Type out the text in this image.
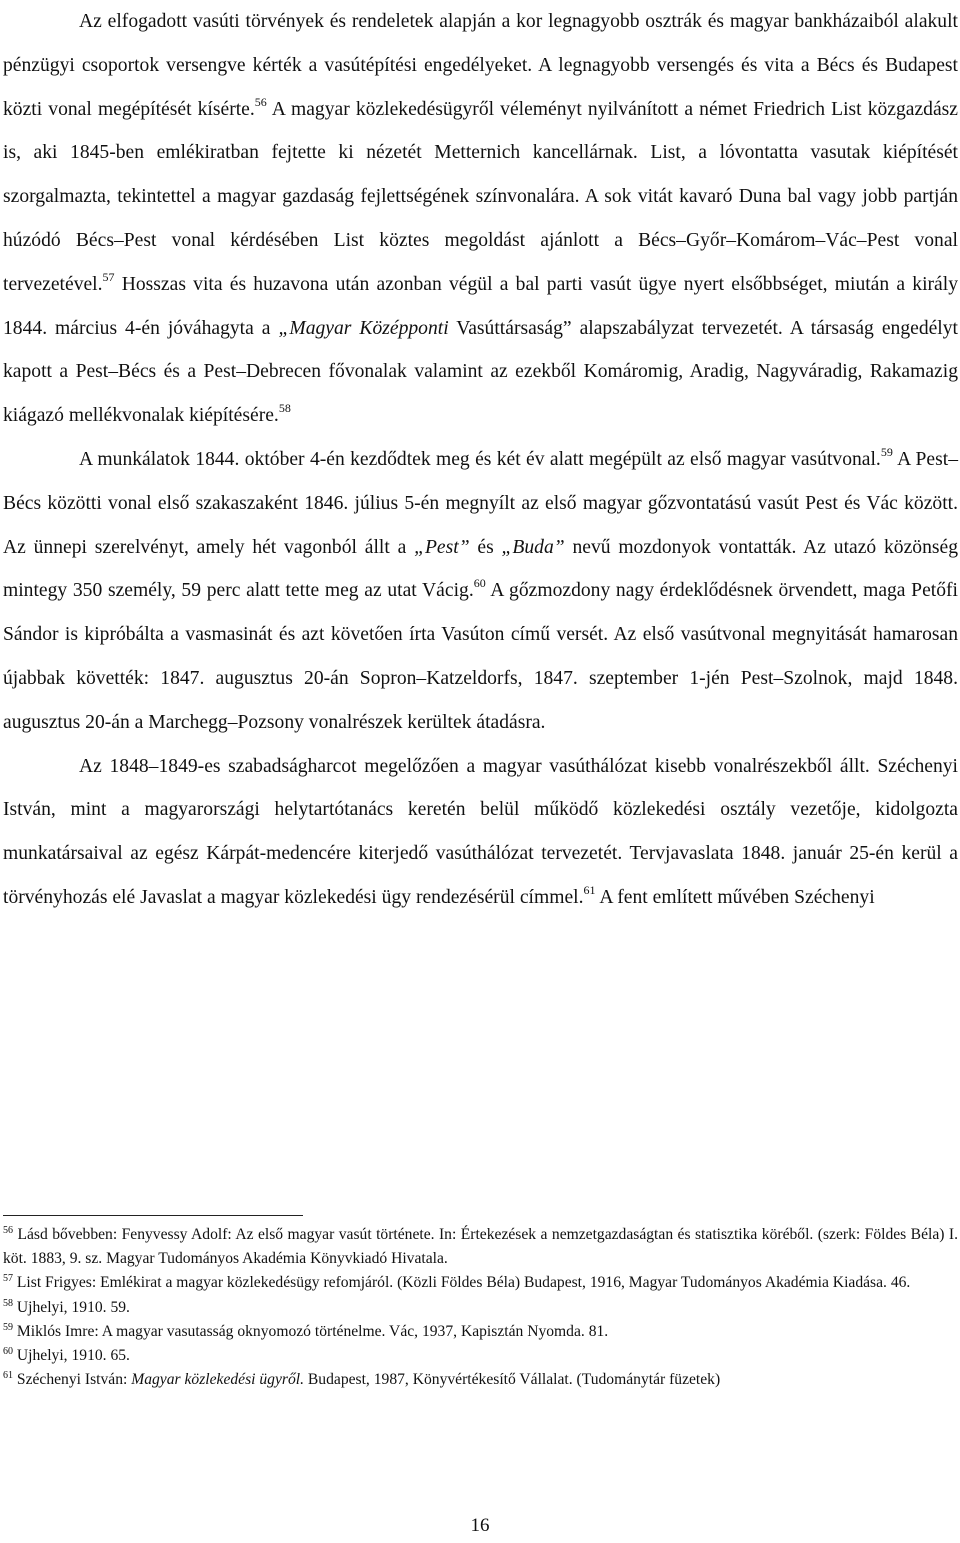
Az elfogadott vasúti törvények és rendeletek alapján a kor legnagyobb osztrák és magyar bankházaiból alakult pénzügyi csoportok versengve kérték a vasútépítési engedélyeket. A legnagyobb versengés és vita a Bécs és Budapest közti vonal megépítését kísérte.$^{56}$ A magyar közlekedésügyről véleményt nyilvánított a német Friedrich List közgazdász is, aki 1845-ben emlékiratban fejtette ki nézetét Metternich kancellárnak. List, a lóvontatta vasutak kiépítését szorgalmazta, tekintettel a magyar gazdaság fejlettségének színvonalára. A sok vitát kavaró Duna bal vagy jobb partján húzódó Bécs–Pest vonal kérdésében List köztes megoldást ajánlott a Bécs–Győr–Komárom–Vác–Pest vonal tervezetével.$^{57}$ Hosszas vita és huzavona után azonban végül a bal parti vasút ügye nyert elsőbbséget, miután a király 1844. március 4-én jóváhagyta a „Magyar Középponti Vasúttársaság” alapszabályzat tervezetét. A társaság engedélyt kapott a Pest–Bécs és a Pest–Debrecen fővonalak valamint az ezekből Komáromig, Aradig, Nagyváradig, Rakamazig kiágazó mellékvonalak kiépítésére.$^{58}$

A munkálatok 1844. október 4-én kezdődtek meg és két év alatt megépült az első magyar vasútvonal.$^{59}$ A Pest–Bécs közötti vonal első szakaszaként 1846. július 5-én megnyílt az első magyar gőzvontatású vasút Pest és Vác között. Az ünnepi szerelvényt, amely hét vagonból állt a „Pest” és „Buda” nevű mozdonyok vontatták. Az utazó közönség mintegy 350 személy, 59 perc alatt tette meg az utat Vácig.$^{60}$ A gőzmozdony nagy érdeklődésnek örvendett, maga Petőfi Sándor is kipróbálta a vasmasinát és azt követően írta Vasúton című versét. Az első vasútvonal megnyitását hamarosan újabbak követték: 1847. augusztus 20-án Sopron–Katzeldorfs, 1847. szeptember 1-jén Pest–Szolnok, majd 1848. augusztus 20-án a Marchegg–Pozsony vonalrészek kerültek átadásra.

Az 1848–1849-es szabadságharcot megelőzően a magyar vasúthálózat kisebb vonalrészekből állt. Széchenyi István, mint a magyarországi helytartótanács keretén belül működő közlekedési osztály vezetője, kidolgozta munkatársaival az egész Kárpát-medencére kiterjedő vasúthálózat tervezetét. Tervjavaslata 1848. január 25-én kerül a törvényhozás elé Javaslat a magyar közlekedési ügy rendezésérül címmel.$^{61}$ A fent említett művében Széchenyi

$^{56}$ Lásd bővebben: Fenyvessy Adolf: Az első magyar vasút története. In: Értekezések a nemzetgazdaságtan és statisztika köréből. (szerk: Földes Béla) I. köt. 1883, 9. sz. Magyar Tudományos Akadémia Könyvkiadó Hivatala.

$^{57}$ List Frigyes: Emlékirat a magyar közlekedésügy refomjáról. (Közli Földes Béla) Budapest, 1916, Magyar Tudományos Akadémia Kiadása. 46.

$^{58}$ Ujhelyi, 1910. 59.

$^{59}$ Miklós Imre: A magyar vasutasság oknyomozó történelme. Vác, 1937, Kapisztán Nyomda. 81.

$^{60}$ Ujhelyi, 1910. 65.

$^{61}$ Széchenyi István: Magyar közlekedési ügyről. Budapest, 1987, Könyvértékesítő Vállalat. (Tudománytár füzetek)

16
